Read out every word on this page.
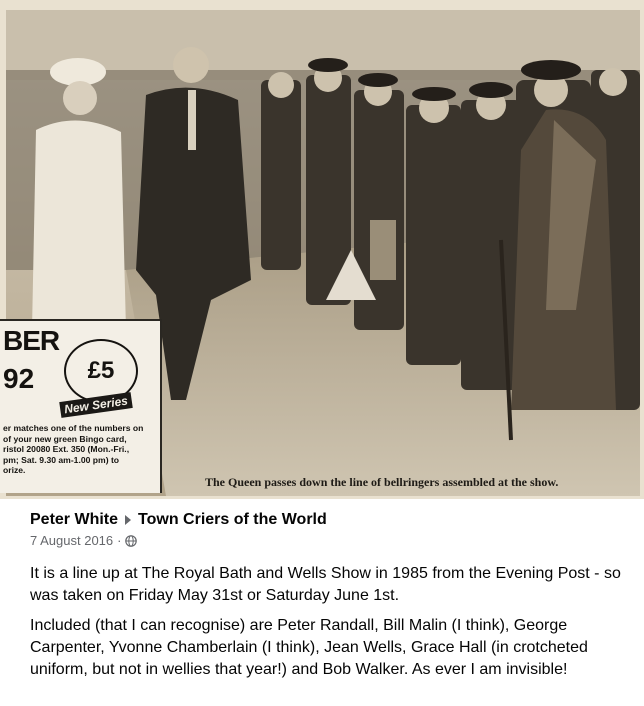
BER
92	£5
New Series
er matches one of the numbers on
of your new green Bingo card,
ristol 20080 Ext. 350 (Mon.-Fri.,
pm; Sat. 9.30 am-1.00 pm) to
orize.
The Queen passes down the line of bellringers assembled at the show.
Peter White Town Criers of the World
7 August 2016 ·

It is a line up at The Royal Bath and Wells Show in 1985 from the Evening Post - so was taken on Friday May 31st or Saturday June 1st.

Included (that I can recognise) are Peter Randall, Bill Malin (I think), George Carpenter, Yvonne Chamberlain (I think), Jean Wells, Grace Hall (in crotcheted uniform, but not in wellies that year!) and Bob Walker. As ever I am invisible!
